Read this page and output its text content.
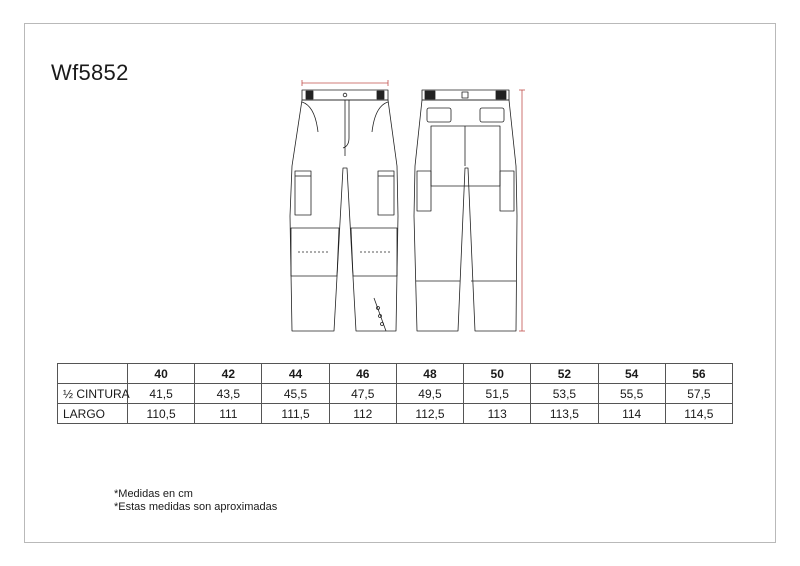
Wf5852
	40	42	44	46	48	50	52	54	56
½ CINTURA	41,5	43,5	45,5	47,5	49,5	51,5	53,5	55,5	57,5
LARGO	110,5	111	111,5	112	112,5	113	113,5	114	114,5
*Medidas en cm
*Estas medidas son aproximadas
